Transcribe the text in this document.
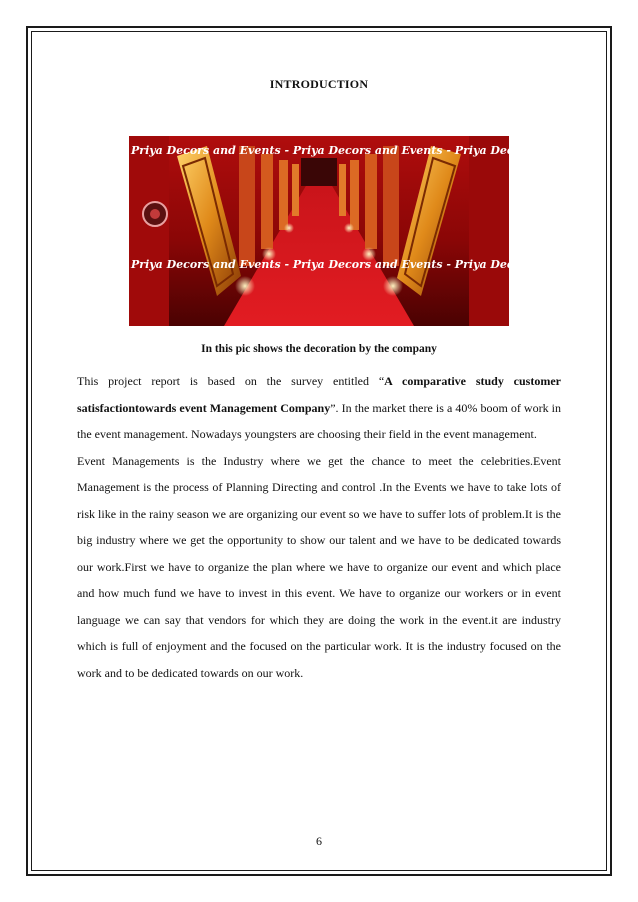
INTRODUCTION
Priya Decors and Events - Priya Decors and Events - Priya Decors and
Priya Decors and Events - Priya Decors and Events - Priya Decors and E
In this pic shows the decoration by the company

This project report is based on the survey entitled “A comparative study customer satisfactiontowards event Management Company”. In the market there is a 40% boom of work in the event management. Nowadays youngsters are choosing their field in the event management.

Event Managements is the Industry where we get the chance to meet the celebrities.Event Management is the process of Planning Directing and control .In the Events we have to take lots of risk like in the rainy season we are organizing our event so we have to suffer lots of problem.It is the big industry where we get the opportunity to show our talent and we have to be dedicated towards our work.First we have to organize the plan where we have to organize our event and which place and how much fund we have to invest in this event. We have to organize our workers or in event language we can say that vendors for which they are doing the work in the event.it are industry which is full of enjoyment and the focused on the particular work. It is the industry focused on the work and to be dedicated towards on our work.

6
